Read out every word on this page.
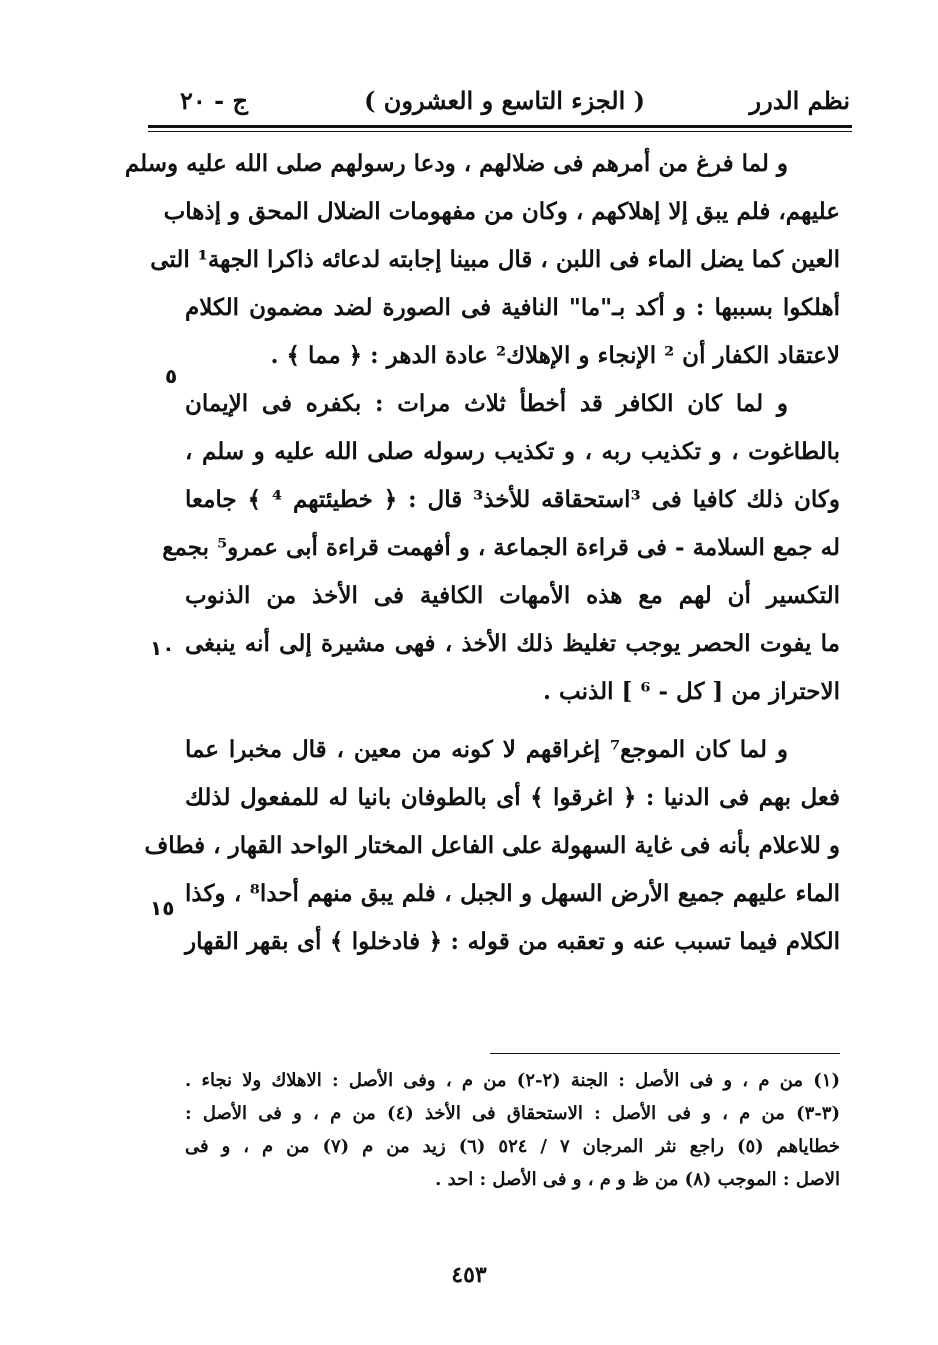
نظم الدرر
( الجزء التاسع و العشرون )
ج - ٢٠
و لما فرغ من أمرهم فى ضلالهم ، ودعا رسولهم صلى الله عليه وسلم
عليهم، فلم يبق إلا إهلاكهم ، وكان من مفهومات الضلال المحق و إذهاب
العين كما يضل الماء فى اللبن ، قال مبينا إجابته لدعائه ذاكرا الجهة¹ التى
أهلكوا بسببها : و أكد بـ"ما" النافية فى الصورة لضد مضمون الكلام
لاعتقاد الكفار أن ² الإنجاء و الإهلاك² عادة الدهر : ﴿ مما ﴾ .
و لما كان الكافر قد أخطأ ثلاث مرات : بكفره فى الإيمان
بالطاغوت ، و تكذيب ربه ، و تكذيب رسوله صلى الله عليه و سلم ،
وكان ذلك كافيا فى ³استحقاقه للأخذ³ قال : ﴿ خطيئتهم ⁴ ﴾ جامعا
له جمع السلامة - فى قراءة الجماعة ، و أفهمت قراءة أبى عمرو⁵ بجمع
التكسير أن لهم مع هذه الأمهات الكافية فى الأخذ من الذنوب
ما يفوت الحصر يوجب تغليظ ذلك الأخذ ، فهى مشيرة إلى أنه ينبغى
الاحتراز من [ كل - ⁶ ] الذنب .
و لما كان الموجع⁷ إغراقهم لا كونه من معين ، قال مخبرا عما
فعل بهم فى الدنيا : ﴿ اغرقوا ﴾ أى بالطوفان بانيا له للمفعول لذلك
و للاعلام بأنه فى غاية السهولة على الفاعل المختار الواحد القهار ، فطاف
الماء عليهم جميع الأرض السهل و الجبل ، فلم يبق منهم أحدا⁸ ، وكذا
الكلام فيما تسبب عنه و تعقبه من قوله : ﴿ فادخلوا ﴾ أى بقهر القهار
٥
١٠
١٥
(١) من م ، و فى الأصل : الجنة (٢-٢) من م ، وفى الأصل : الاهلاك ولا نجاء .
(٣-٣) من م ، و فى الأصل : الاستحقاق فى الأخذ (٤) من م ، و فى الأصل :
خطاياهم (٥) راجع نثر المرجان ٧ / ٥٢٤ (٦) زيد من م (٧) من م ، و فى
الاصل : الموجب (٨) من ظ و م ، و فى الأصل : احد .
٤٥٣
